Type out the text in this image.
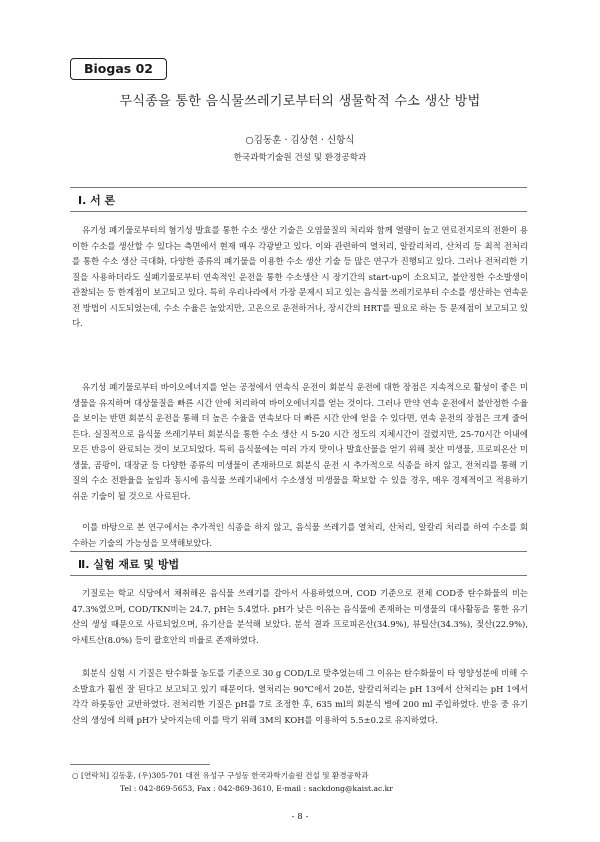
Biogas 02
무식종을 통한 음식물쓰레기로부터의 생물학적 수소 생산 방법
○김동훈 · 김상현 · 신항식
한국과학기술원 건설 및 환경공학과
Ⅰ. 서 론

유기성 폐기물로부터의 혐기성 발효를 통한 수소 생산 기술은 오염물질의 처리와 함께 열량이 높고 연료전지로의 전환이 용이한 수소를 생산할 수 있다는 측면에서 현재 매우 각광받고 있다. 이와 관련하여 열처리, 알칼리처리, 산처리 등 최적 전처리를 통한 수소 생산 극대화, 다양한 종류의 폐기물을 이용한 수소 생산 기술 등 많은 연구가 진행되고 있다. 그러나 전처리한 기질을 사용하더라도 실폐기물로부터 연속적인 운전을 통한 수소생산 시 장기간의 start-up이 소요되고, 불안정한 수소발생이 관찰되는 등 한계점이 보고되고 있다. 특히 우리나라에서 가장 문제시 되고 있는 음식물 쓰레기로부터 수소를 생산하는 연속운전 방법이 시도되었는데, 수소 수율은 높았지만, 고온으로 운전하거나, 장시간의 HRT를 필요로 하는 등 문제점이 보고되고 있다.

유기성 폐기물로부터 바이오에너지를 얻는 공정에서 연속식 운전이 회분식 운전에 대한 장점은 지속적으로 활성이 좋은 미생물을 유지하며 대상물질을 빠른 시간 안에 처리하여 바이오에너지를 얻는 것이다. 그러나 만약 연속 운전에서 불안정한 수율을 보이는 반면 회분식 운전을 통해 더 높은 수율을 연속보다 더 빠른 시간 안에 얻을 수 있다면, 연속 운전의 장점은 크게 줄어든다. 실질적으로 음식물 쓰레기부터 회분식을 통한 수소 생산 시 5-20 시간 정도의 지체시간이 걸렸지만, 25-70시간 이내에 모든 반응이 완료되는 것이 보고되었다. 특히 음식물에는 여러 가지 맛이나 발효산물을 얻기 위해 젖산 미생물, 프로피온산 미생물, 곰팡이, 대장균 등 다양한 종류의 미생물이 존재하므로 회분식 운전 시 추가적으로 식종을 하지 않고, 전처리를 통해 기질의 수소 전환율을 높임과 동시에 음식물 쓰레기내에서 수소생성 미생물을 확보할 수 있을 경우, 매우 경제적이고 적용하기 쉬운 기술이 될 것으로 사료된다.

이를 바탕으로 본 연구에서는 추가적인 식종을 하지 않고, 음식물 쓰레기를 열처리, 산처리, 알칼리 처리를 하여 수소를 회수하는 기술의 가능성을 모색해보았다.

Ⅱ. 실험 재료 및 방법

기질로는 학교 식당에서 채취해온 음식물 쓰레기를 갈아서 사용하였으며, COD 기준으로 전체 COD중 탄수화물의 비는 47.3%였으며, COD/TKN비는 24.7, pH는 5.4였다. pH가 낮은 이유는 음식물에 존재하는 미생물의 대사활동을 통한 유기산의 생성 때문으로 사료되었으며, 유기산을 분석해 보았다. 분석 결과 프로피온산(34.9%), 뷰틸산(34.3%), 젖산(22.9%), 아세트산(8.0%) 등이 괄호안의 비율로 존재하였다.

회분식 실험 시 기질은 탄수화물 농도를 기준으로 30 g COD/L로 맞추었는데 그 이유는 탄수화물이 타 영양성분에 비해 수소발효가 훨씬 잘 된다고 보고되고 있기 때문이다. 열처리는 90℃에서 20분, 알칼리처리는 pH 13에서 산처리는 pH 1에서 각각 하룻동안 교반하였다. 전처리한 기질은 pH를 7로 조정한 후, 635 ml의 회분식 병에 200 ml 주입하였다. 반응 중 유기산의 생성에 의해 pH가 낮아지는데 이를 막기 위해 3M의 KOH를 이용하여 5.5±0.2로 유지하였다.

○ [연락처] 김동훈, (우)305-701 대전 유성구 구성동 한국과학기술원 건설 및 환경공학과
Tel : 042-869-5653, Fax : 042-869-3610, E-mail : sackdong@kaist.ac.kr
- 8 -
